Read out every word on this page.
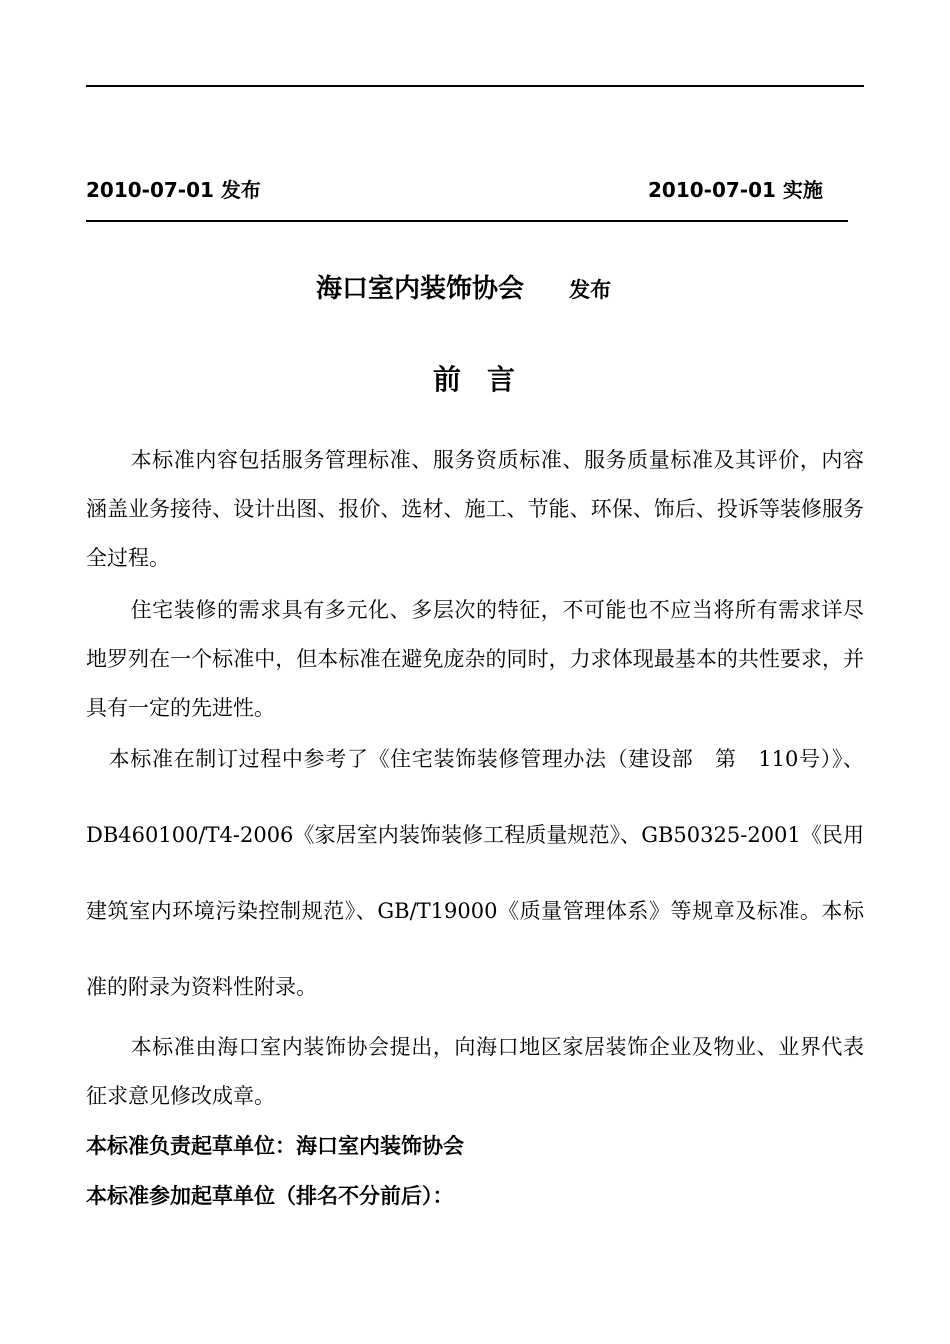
2010-07-01 发布	2010-07-01 实施
海口室内装饰协会 发布
前言
本标准内容包括服务管理标准、服务资质标准、服务质量标准及其评价，内容涵盖业务接待、设计出图、报价、选材、施工、节能、环保、饰后、投诉等装修服务全过程。
住宅装修的需求具有多元化、多层次的特征，不可能也不应当将所有需求详尽地罗列在一个标准中，但本标准在避免庞杂的同时，力求体现最基本的共性要求，并具有一定的先进性。
本标准在制订过程中参考了《住宅装饰装修管理办法（建设部　第　110号）》、DB460100/T4-2006《家居室内装饰装修工程质量规范》、GB50325-2001《民用建筑室内环境污染控制规范》、GB/T19000《质量管理体系》等规章及标准。本标准的附录为资料性附录。
本标准由海口室内装饰协会提出，向海口地区家居装饰企业及物业、业界代表征求意见修改成章。
本标准负责起草单位：海口室内装饰协会
本标准参加起草单位（排名不分前后）：
